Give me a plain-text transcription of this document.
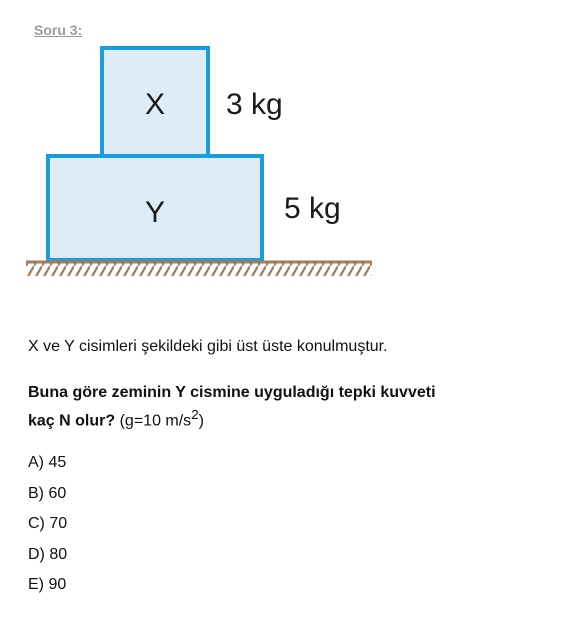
Soru 3:
X 3 kg
Y	5 kg
X ve Y cisimleri şekildeki gibi üst üste konulmuştur.
Buna göre zeminin Y cismine uyguladığı tepki kuvveti
kaç N olur? (g=10 $m/s^2$)
A) 45
B) 60
C) 70
D) 80
E) 90
